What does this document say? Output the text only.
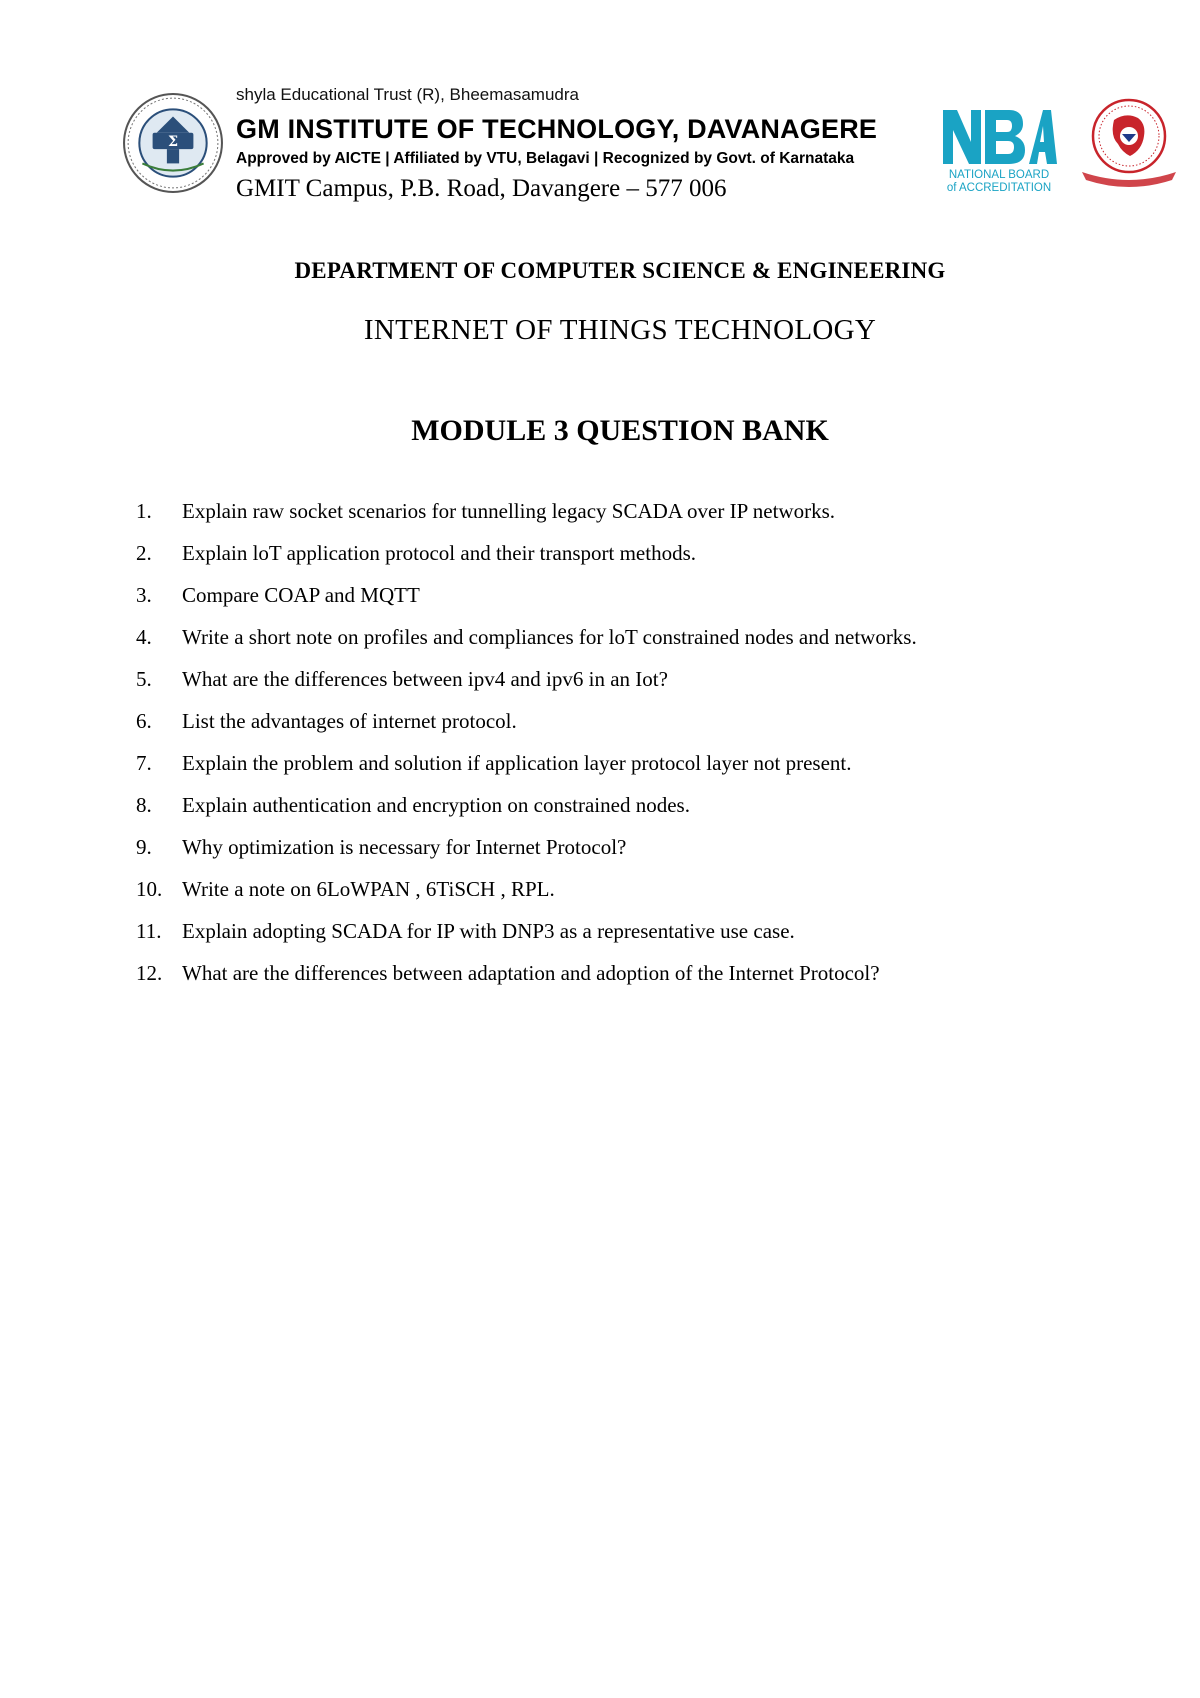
Σ
shyla Educational Trust (R), Bheemasamudra
GM INSTITUTE OF TECHNOLOGY, DAVANAGERE
Approved by AICTE | Affiliated by VTU, Belagavi | Recognized by Govt. of Karnataka
GMIT Campus, P.B. Road, Davangere – 577 006	NATIONAL BOARD
of ACCREDITATION
DEPARTMENT OF COMPUTER SCIENCE & ENGINEERING
INTERNET OF THINGS TECHNOLOGY
MODULE 3 QUESTION BANK
1.	Explain raw socket scenarios for tunnelling legacy SCADA over IP networks.
2.	Explain loT application protocol and their transport methods.
3.	Compare COAP and MQTT
4.	Write a short note on profiles and compliances for loT constrained nodes and networks.
5.	What are the differences between ipv4 and ipv6 in an Iot?
6.	List the advantages of internet protocol.
7.	Explain the problem and solution if application layer protocol layer not present.
8.	Explain authentication and encryption on constrained nodes.
9.	Why optimization is necessary for Internet Protocol?
10. Write a note on 6LoWPAN , 6TiSCH , RPL.
11. Explain adopting SCADA for IP with DNP3 as a representative use case.
12. What are the differences between adaptation and adoption of the Internet Protocol?
